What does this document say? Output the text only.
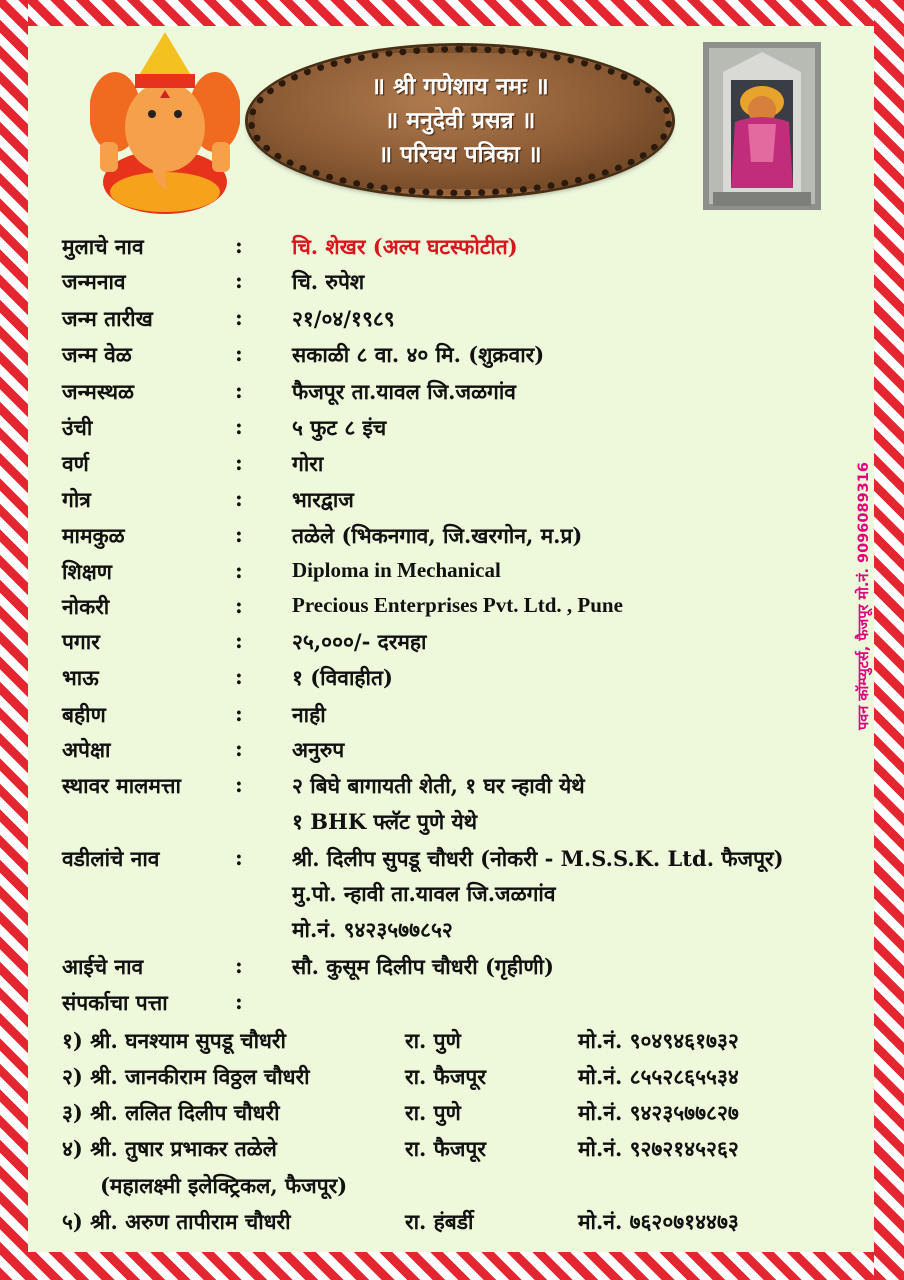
॥ श्री गणेशाय नमः ॥
॥ मनुदेवी प्रसन्न ॥
॥ परिचय पत्रिका ॥
पवन कॉम्प्युटर्स, फैजपूर मो.नं. 9096089316
मुलाचे नाव	: चि. शेखर (अल्प घटस्फोटीत)
जन्मनाव	: चि. रुपेश
जन्म तारीख	: २१/०४/१९८९
जन्म वेळ	: सकाळी ८ वा. ४० मि. (शुक्रवार)
जन्मस्थळ	: फैजपूर ता.यावल जि.जळगांव
उंची	: ५ फुट ८ इंच
वर्ण	: गोरा
गोत्र	: भारद्वाज
मामकुळ	: तळेले (भिकनगाव, जि.खरगोन, म.प्र)
शिक्षण	: Diploma in Mechanical
नोकरी	: Precious Enterprises Pvt. Ltd. , Pune
पगार	: २५,०००/- दरमहा
भाऊ	: १ (विवाहीत)
बहीण	: नाही
अपेक्षा	: अनुरुप
स्थावर मालमत्ता	: २ बिघे बागायती शेती, १ घर न्हावी येथे
१ BHK फ्लॅट पुणे येथे
वडीलांचे नाव	: श्री. दिलीप सुपडू चौधरी (नोकरी - M.S.S.K. Ltd. फैजपूर)
मु.पो. न्हावी ता.यावल जि.जळगांव
मो.नं. ९४२३५७७८५२
आईचे नाव	: सौ. कुसूम दिलीप चौधरी (गृहीणी)
संपर्काचा पत्ता	:
१) श्री. घनश्याम सुपडू चौधरी	रा. पुणे	मो.नं. ९०४९४६१७३२
२) श्री. जानकीराम विठ्ठल चौधरी	रा. फैजपूर	मो.नं. ८५५२८६५५३४
३) श्री. ललित दिलीप चौधरी	रा. पुणे	मो.नं. ९४२३५७७८२७
४) श्री. तुषार प्रभाकर तळेले	रा. फैजपूर	मो.नं. ९२७२१४५२६२
(महालक्ष्मी इलेक्ट्रिकल, फैजपूर)
५) श्री. अरुण तापीराम चौधरी	रा. हंबर्डी	मो.नं. ७६२०७१४४७३
